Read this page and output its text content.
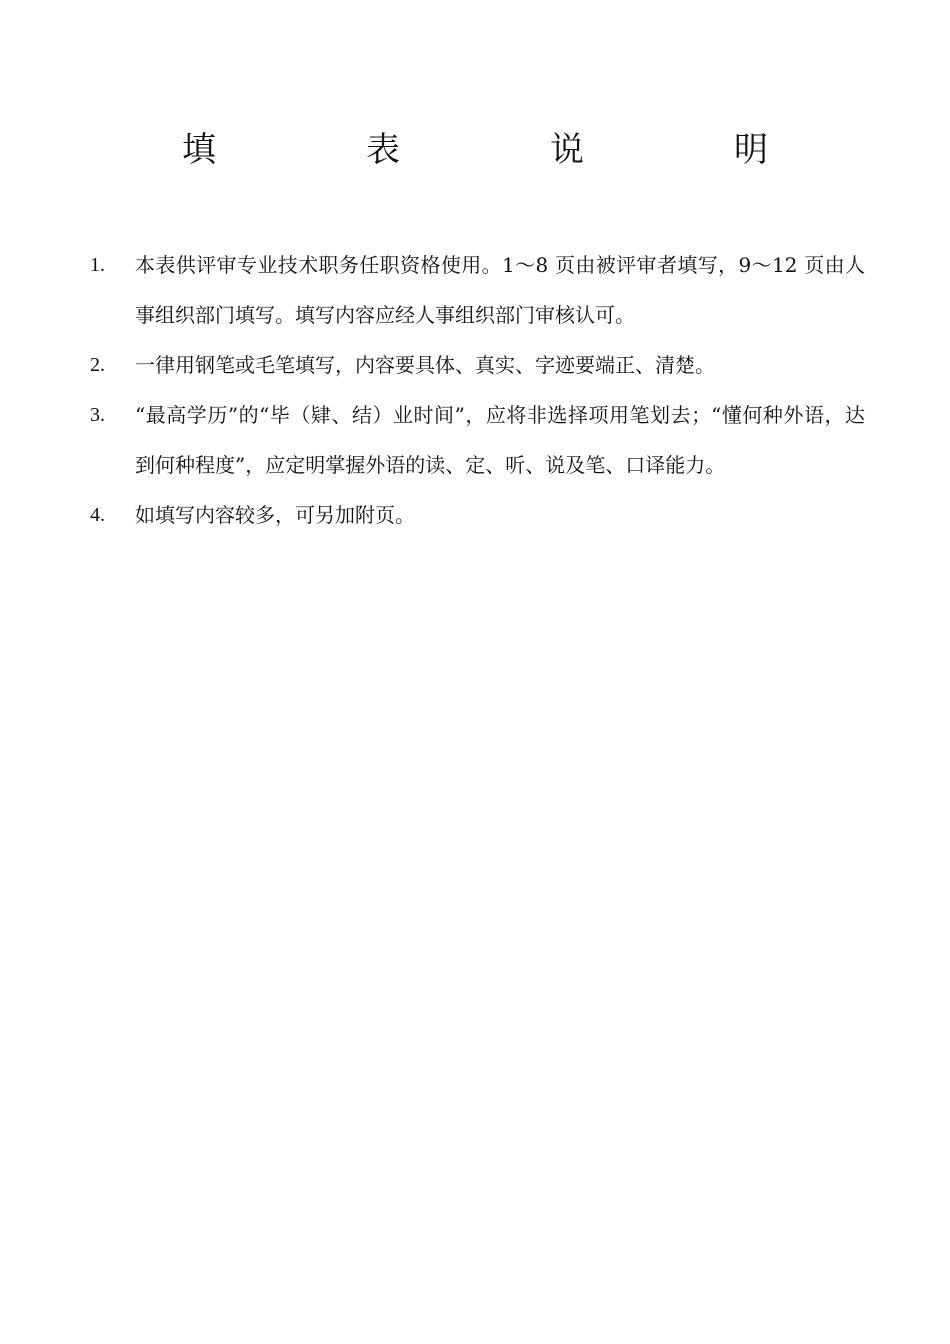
填　表　说　明
1.	本表供评审专业技术职务任职资格使用。1～8 页由被评审者填写，9～12 页由人事组织部门填写。填写内容应经人事组织部门审核认可。
2.	一律用钢笔或毛笔填写，内容要具体、真实、字迹要端正、清楚。
3.	“最高学历”的“毕（肄、结）业时间”，应将非选择项用笔划去；“懂何种外语，达到何种程度”，应定明掌握外语的读、定、听、说及笔、口译能力。
4.	如填写内容较多，可另加附页。
